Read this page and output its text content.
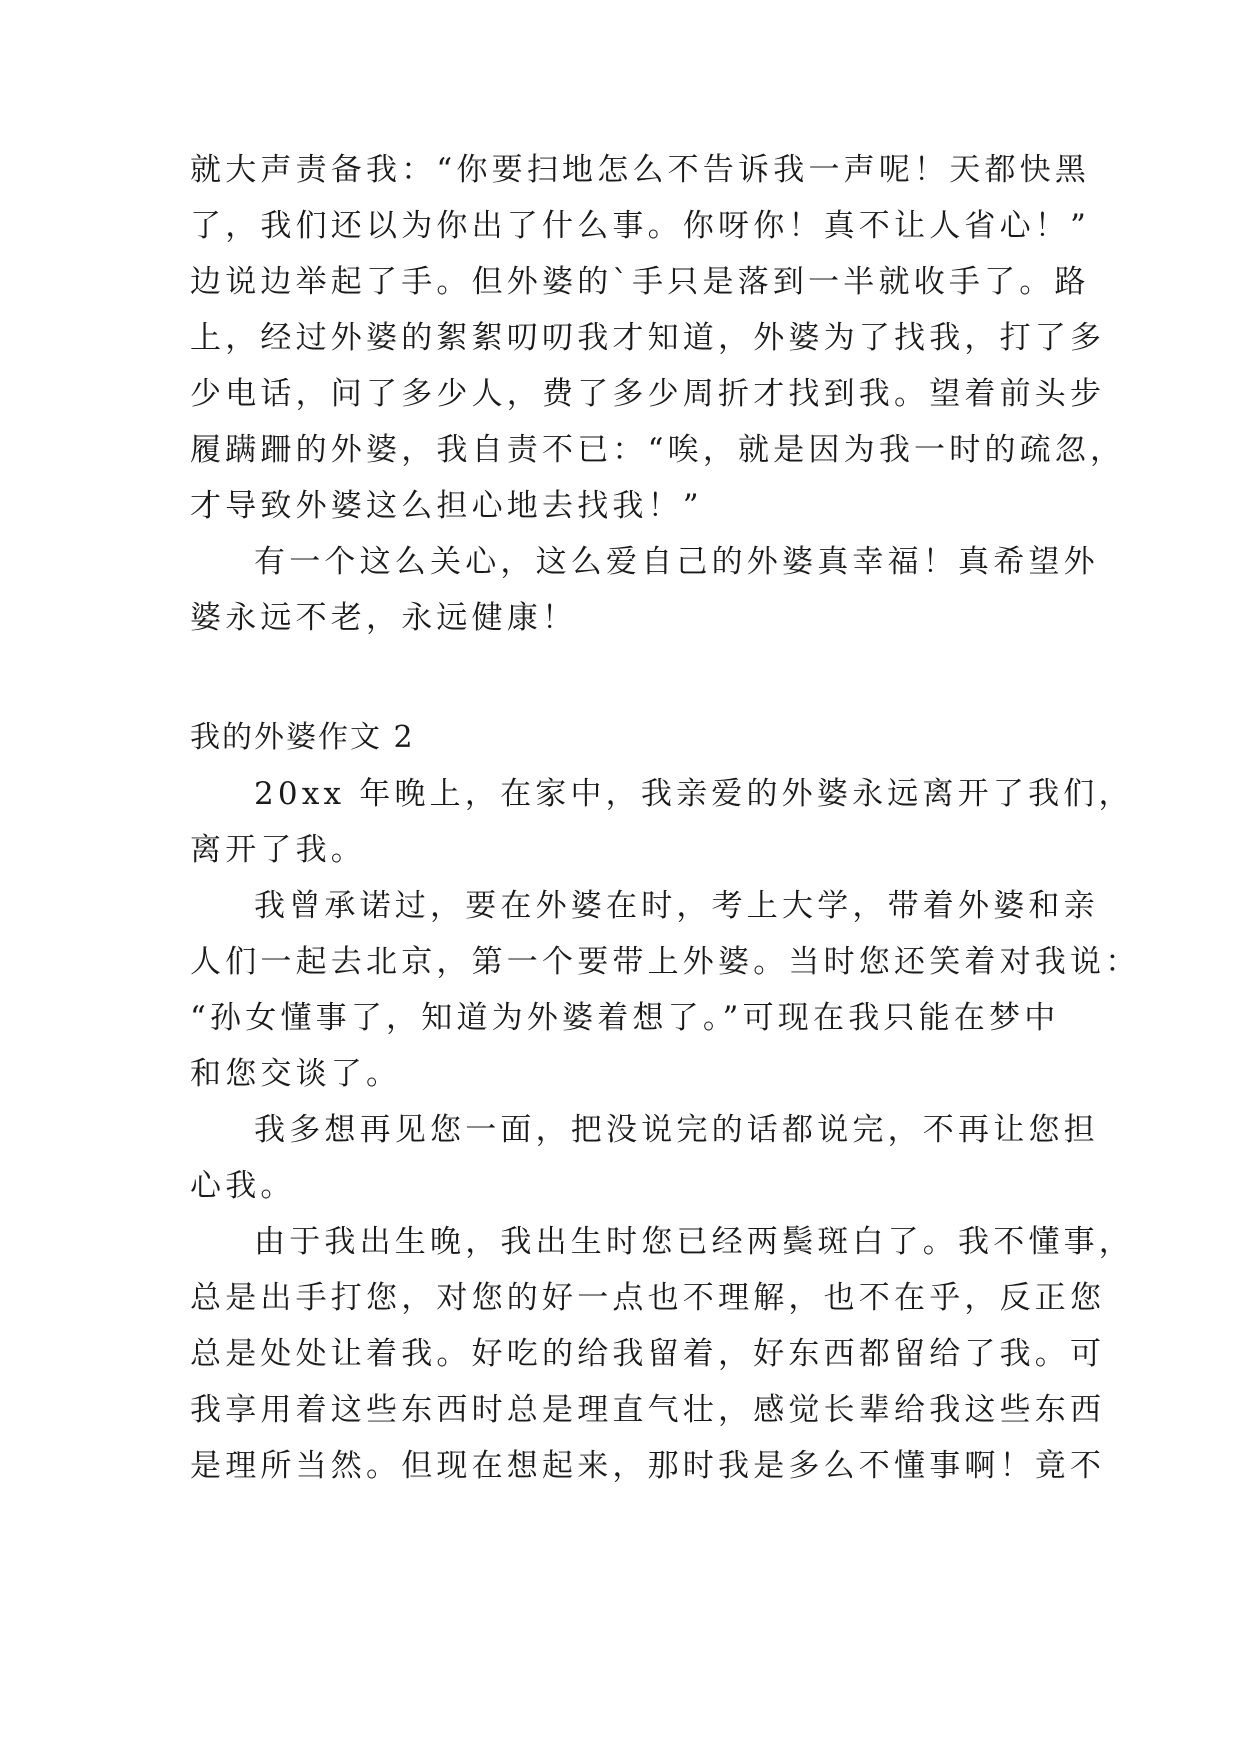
就大声责备我：“你要扫地怎么不告诉我一声呢！天都快黑
了，我们还以为你出了什么事。你呀你！真不让人省心！”
边说边举起了手。但外婆的`手只是落到一半就收手了。路
上，经过外婆的絮絮叨叨我才知道，外婆为了找我，打了多
少电话，问了多少人，费了多少周折才找到我。望着前头步
履蹒跚的外婆，我自责不已：“唉，就是因为我一时的疏忽，
才导致外婆这么担心地去找我！”
有一个这么关心，这么爱自己的外婆真幸福！真希望外
婆永远不老，永远健康！
我的外婆作文 2
20xx 年晚上，在家中，我亲爱的外婆永远离开了我们，
离开了我。
我曾承诺过，要在外婆在时，考上大学，带着外婆和亲
人们一起去北京，第一个要带上外婆。当时您还笑着对我说：
“孙女懂事了，知道为外婆着想了。”可现在我只能在梦中
和您交谈了。
我多想再见您一面，把没说完的话都说完，不再让您担
心我。
由于我出生晚，我出生时您已经两鬓斑白了。我不懂事，
总是出手打您，对您的好一点也不理解，也不在乎，反正您
总是处处让着我。好吃的给我留着，好东西都留给了我。可
我享用着这些东西时总是理直气壮，感觉长辈给我这些东西
是理所当然。但现在想起来，那时我是多么不懂事啊！竟不
